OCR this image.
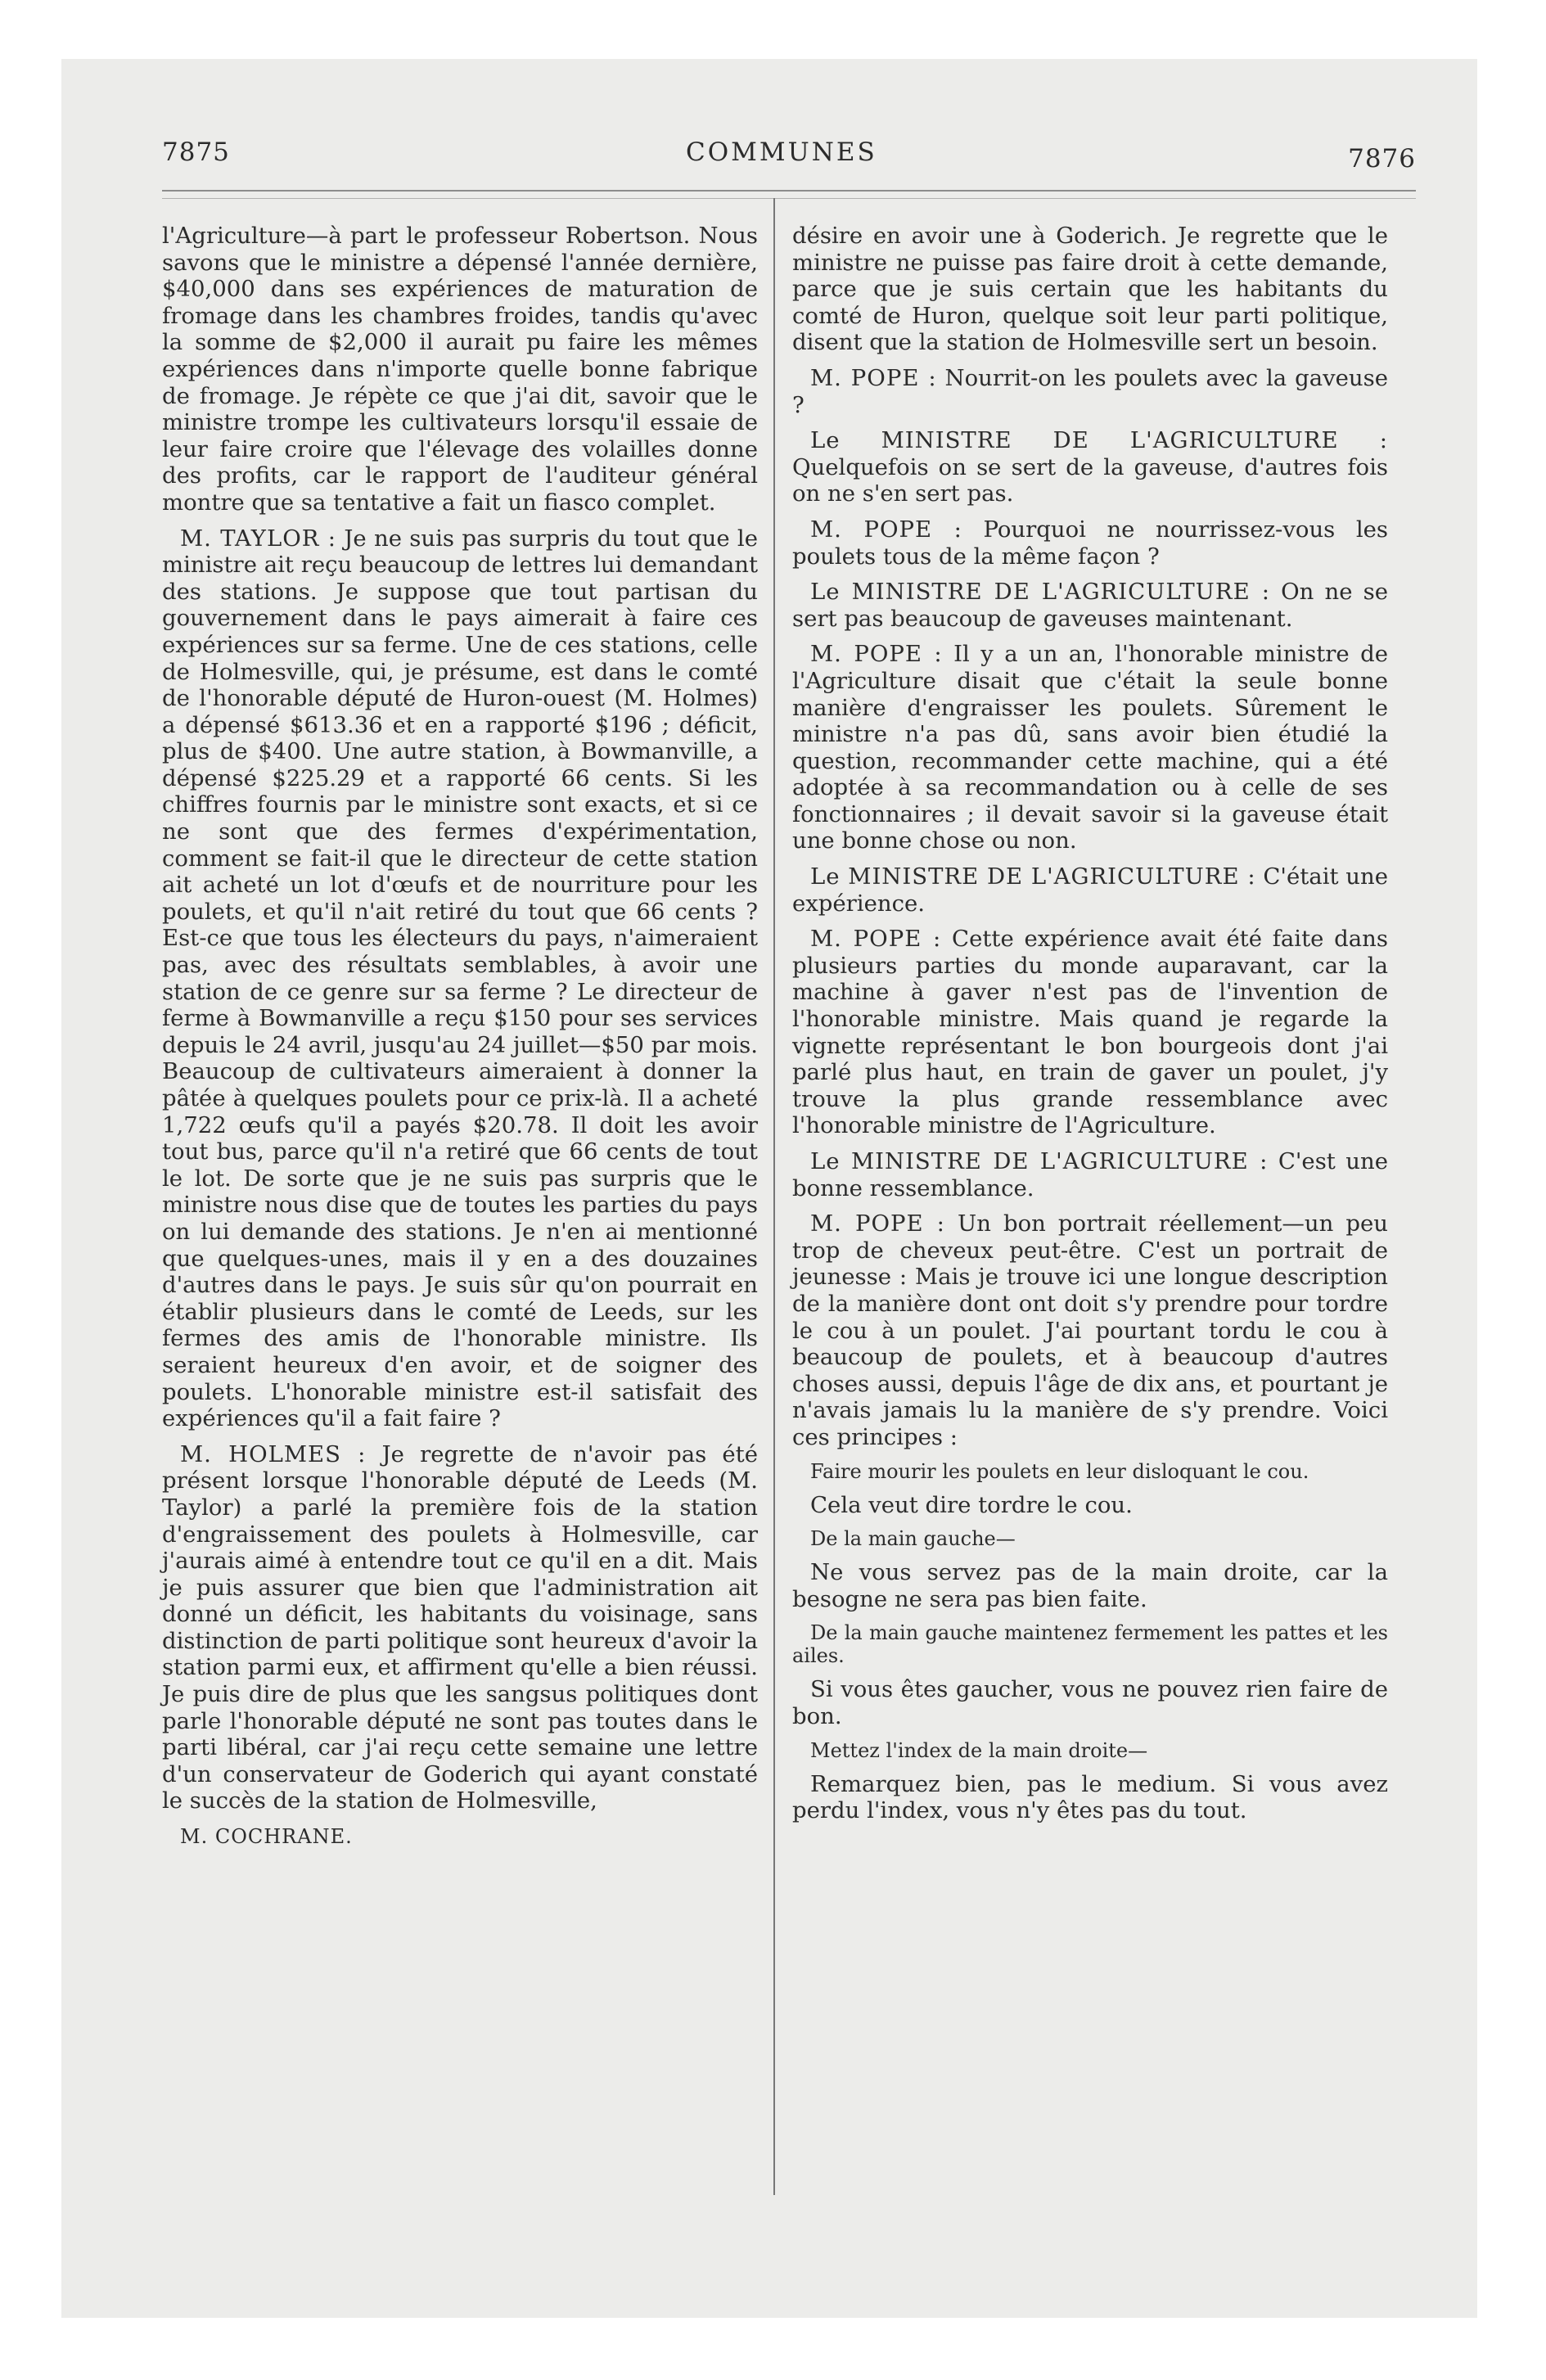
7875	COMMUNES	7876

l'Agriculture—à part le professeur Robertson. Nous savons que le ministre a dépensé l'année dernière, $40,000 dans ses expériences de maturation de fromage dans les chambres froides, tandis qu'avec la somme de $2,000 il aurait pu faire les mêmes expériences dans n'importe quelle bonne fabrique de fromage. Je répète ce que j'ai dit, savoir que le ministre trompe les cultivateurs lorsqu'il essaie de leur faire croire que l'élevage des volailles donne des profits, car le rapport de l'auditeur général montre que sa tentative a fait un fiasco complet.

M. TAYLOR : Je ne suis pas surpris du tout que le ministre ait reçu beaucoup de lettres lui demandant des stations. Je suppose que tout partisan du gouvernement dans le pays aimerait à faire ces expériences sur sa ferme. Une de ces stations, celle de Holmesville, qui, je présume, est dans le comté de l'honorable député de Huron-ouest (M. Holmes) a dépensé $613.36 et en a rapporté $196 ; déficit, plus de $400. Une autre station, à Bowmanville, a dépensé $225.29 et a rapporté 66 cents. Si les chiffres fournis par le ministre sont exacts, et si ce ne sont que des fermes d'expérimentation, comment se fait-il que le directeur de cette station ait acheté un lot d'œufs et de nourriture pour les poulets, et qu'il n'ait retiré du tout que 66 cents ? Est-ce que tous les électeurs du pays, n'aimeraient pas, avec des résultats semblables, à avoir une station de ce genre sur sa ferme ? Le directeur de ferme à Bowmanville a reçu $150 pour ses services depuis le 24 avril, jusqu'au 24 juillet—$50 par mois. Beaucoup de cultivateurs aimeraient à donner la pâtée à quelques poulets pour ce prix-là. Il a acheté 1,722 œufs qu'il a payés $20.78. Il doit les avoir tout bus, parce qu'il n'a retiré que 66 cents de tout le lot. De sorte que je ne suis pas surpris que le ministre nous dise que de toutes les parties du pays on lui demande des stations. Je n'en ai mentionné que quelques-unes, mais il y en a des douzaines d'autres dans le pays. Je suis sûr qu'on pourrait en établir plusieurs dans le comté de Leeds, sur les fermes des amis de l'honorable ministre. Ils seraient heureux d'en avoir, et de soigner des poulets. L'honorable ministre est-il satisfait des expériences qu'il a fait faire ?

M. HOLMES : Je regrette de n'avoir pas été présent lorsque l'honorable député de Leeds (M. Taylor) a parlé la première fois de la station d'engraissement des poulets à Holmesville, car j'aurais aimé à entendre tout ce qu'il en a dit. Mais je puis assurer que bien que l'administration ait donné un déficit, les habitants du voisinage, sans distinction de parti politique sont heureux d'avoir la station parmi eux, et affirment qu'elle a bien réussi. Je puis dire de plus que les sangsus politiques dont parle l'honorable député ne sont pas toutes dans le parti libéral, car j'ai reçu cette semaine une lettre d'un conservateur de Goderich qui ayant constaté le succès de la station de Holmesville,

M. COCHRANE.

désire en avoir une à Goderich. Je regrette que le ministre ne puisse pas faire droit à cette demande, parce que je suis certain que les habitants du comté de Huron, quelque soit leur parti politique, disent que la station de Holmesville sert un besoin.

M. POPE : Nourrit-on les poulets avec la gaveuse ?

Le MINISTRE DE L'AGRICULTURE : Quelquefois on se sert de la gaveuse, d'autres fois on ne s'en sert pas.

M. POPE : Pourquoi ne nourrissez-vous les poulets tous de la même façon ?

Le MINISTRE DE L'AGRICULTURE : On ne se sert pas beaucoup de gaveuses maintenant.

M. POPE : Il y a un an, l'honorable ministre de l'Agriculture disait que c'était la seule bonne manière d'engraisser les poulets. Sûrement le ministre n'a pas dû, sans avoir bien étudié la question, recommander cette machine, qui a été adoptée à sa recommandation ou à celle de ses fonctionnaires ; il devait savoir si la gaveuse était une bonne chose ou non.

Le MINISTRE DE L'AGRICULTURE : C'était une expérience.

M. POPE : Cette expérience avait été faite dans plusieurs parties du monde auparavant, car la machine à gaver n'est pas de l'invention de l'honorable ministre. Mais quand je regarde la vignette représentant le bon bourgeois dont j'ai parlé plus haut, en train de gaver un poulet, j'y trouve la plus grande ressemblance avec l'honorable ministre de l'Agriculture.

Le MINISTRE DE L'AGRICULTURE : C'est une bonne ressemblance.

M. POPE : Un bon portrait réellement—un peu trop de cheveux peut-être. C'est un portrait de jeunesse : Mais je trouve ici une longue description de la manière dont ont doit s'y prendre pour tordre le cou à un poulet. J'ai pourtant tordu le cou à beaucoup de poulets, et à beaucoup d'autres choses aussi, depuis l'âge de dix ans, et pourtant je n'avais jamais lu la manière de s'y prendre. Voici ces principes :

Faire mourir les poulets en leur disloquant le cou.

Cela veut dire tordre le cou.

De la main gauche—

Ne vous servez pas de la main droite, car la besogne ne sera pas bien faite.

De la main gauche maintenez fermement les pattes et les ailes.

Si vous êtes gaucher, vous ne pouvez rien faire de bon.

Mettez l'index de la main droite—

Remarquez bien, pas le medium. Si vous avez perdu l'index, vous n'y êtes pas du tout.
